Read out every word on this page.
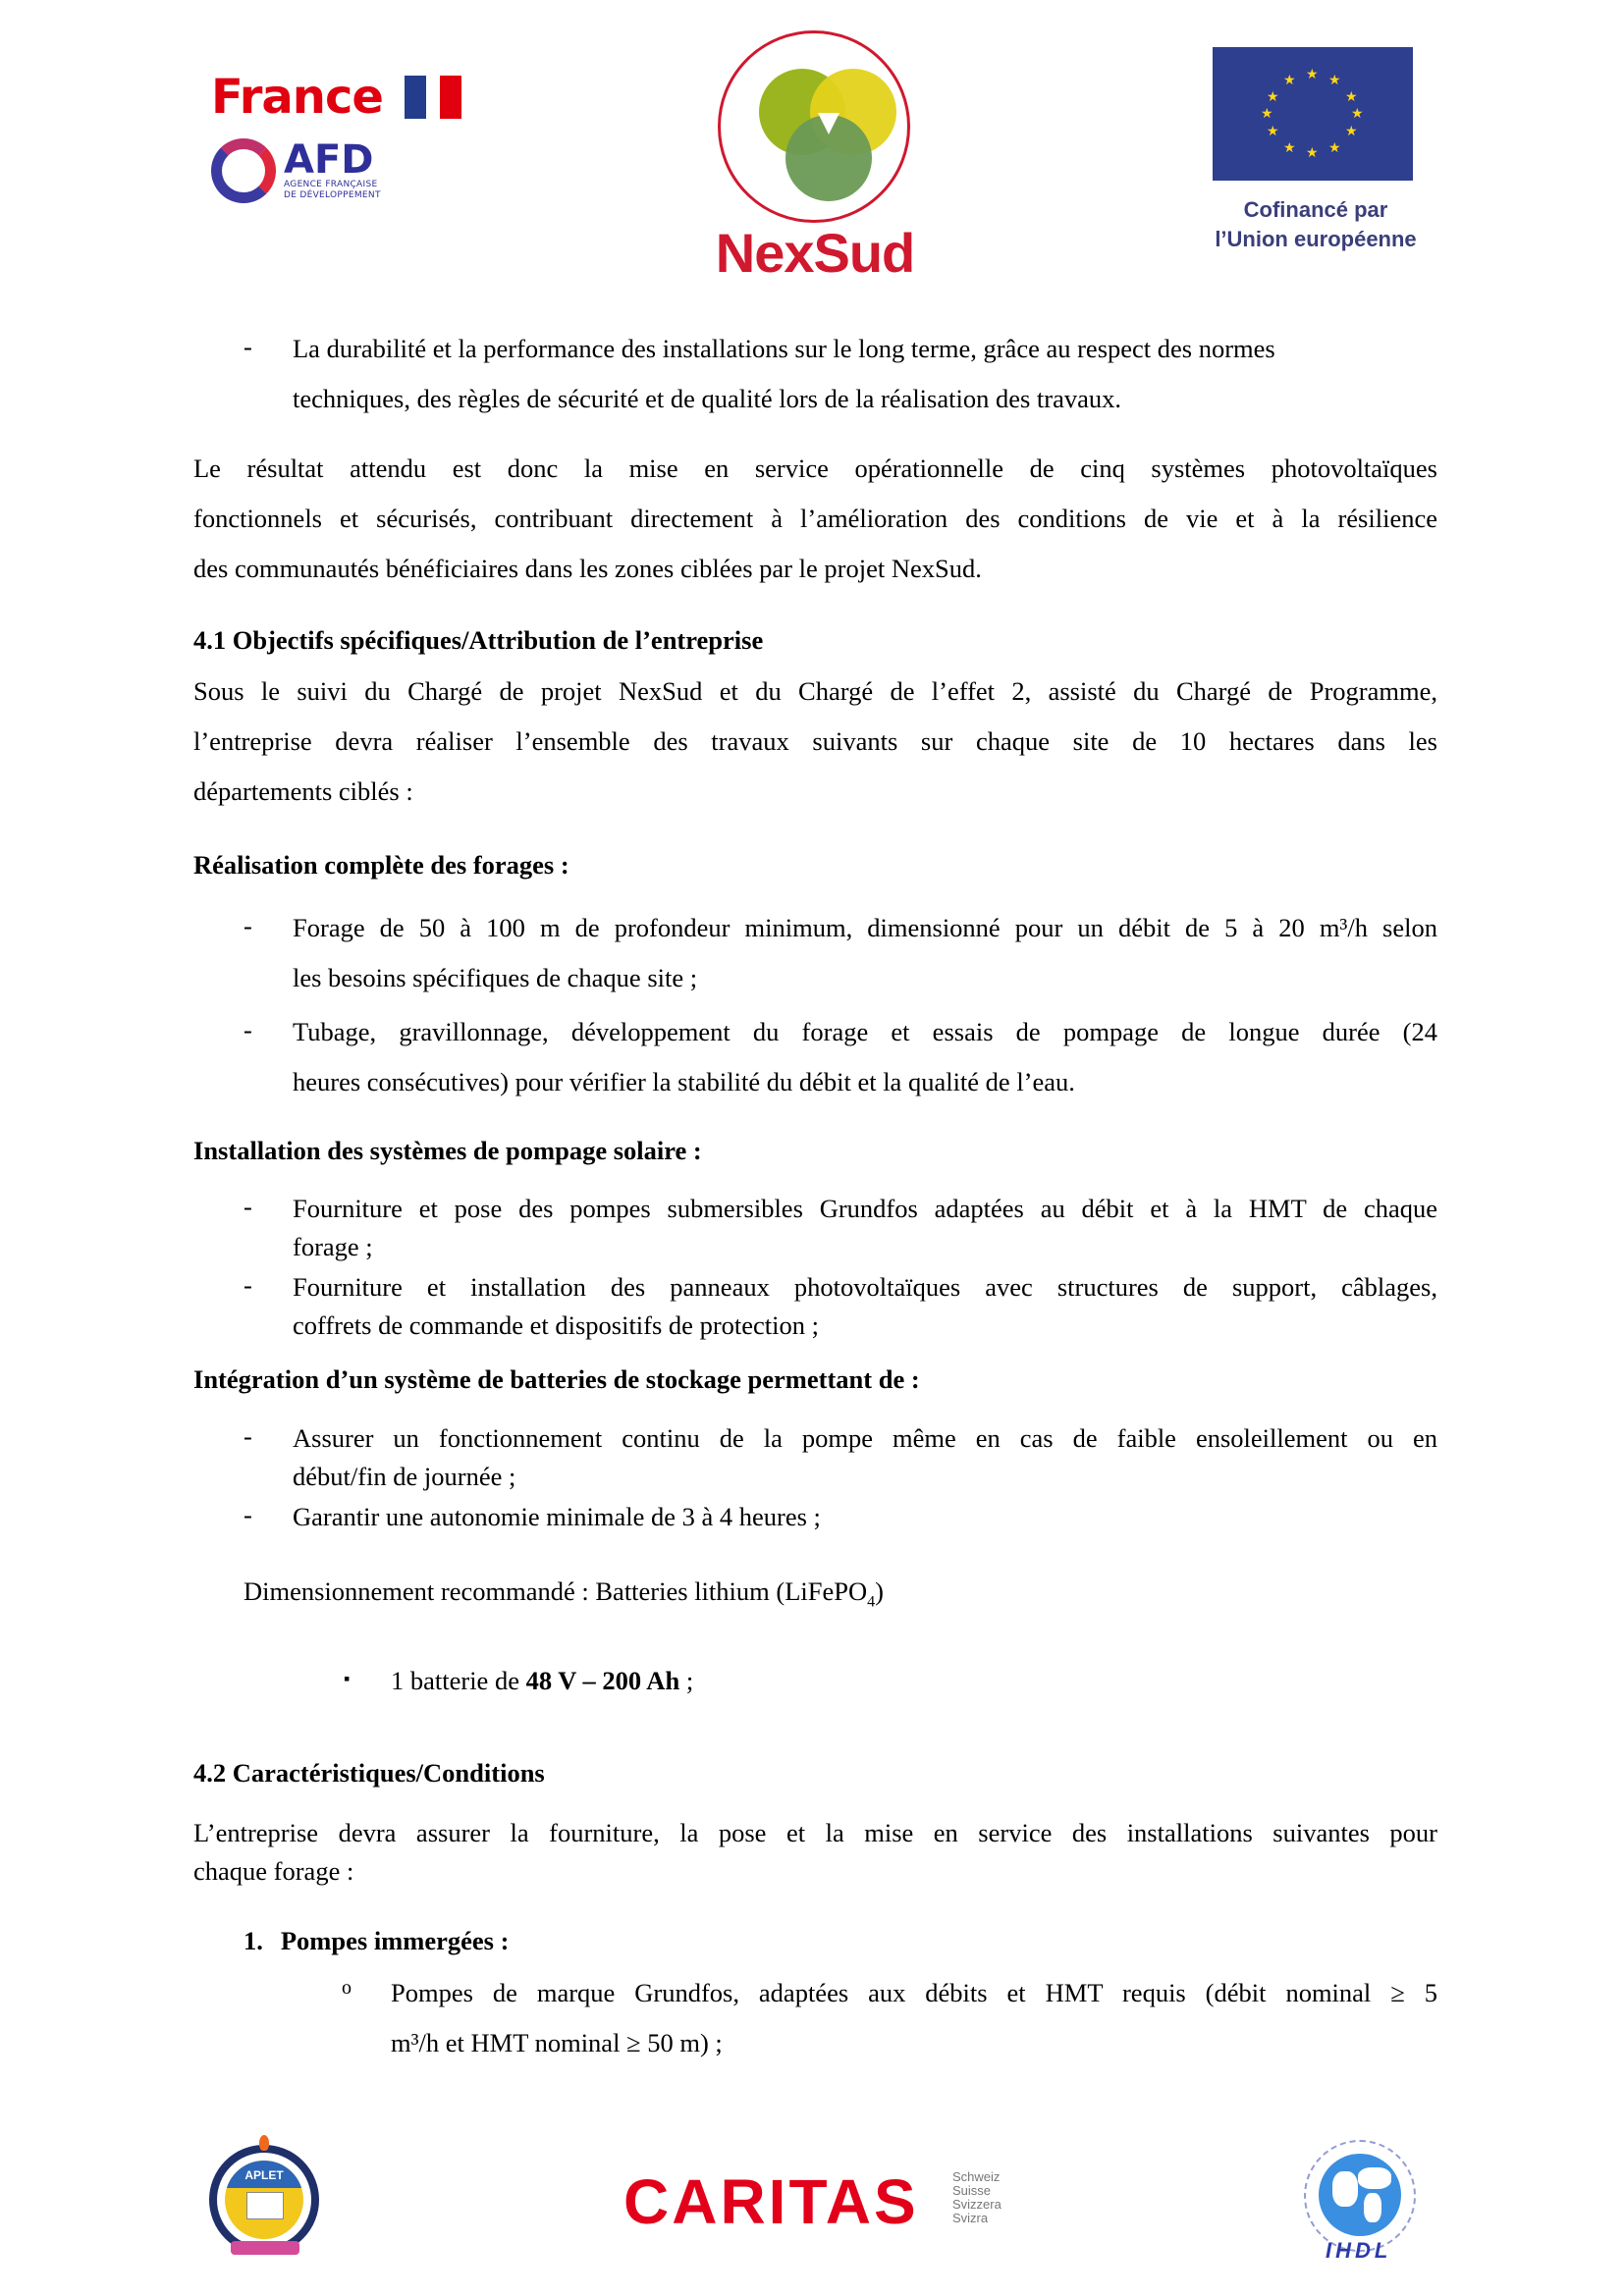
France
AFD
AGENCE FRANÇAISE
DE DÉVELOPPEMENT
NexSud
★ ★
★
★
★
★
★
★
★
★
★
★
Cofinancé par
l’Union européenne
- La durabilité et la performance des installations sur le long terme, grâce au respect des normes
techniques, des règles de sécurité et de qualité lors de la réalisation des travaux.
Le résultat attendu est donc la mise en service opérationnelle de cinq systèmes photovoltaïques
fonctionnels et sécurisés, contribuant directement à l’amélioration des conditions de vie et à la résilience
des communautés bénéficiaires dans les zones ciblées par le projet NexSud.
4.1 Objectifs spécifiques/Attribution de l’entreprise
Sous le suivi du Chargé de projet NexSud et du Chargé de l’effet 2, assisté du Chargé de Programme,
l’entreprise devra réaliser l’ensemble des travaux suivants sur chaque site de 10 hectares dans les
départements ciblés :
Réalisation complète des forages :
- Forage de 50 à 100 m de profondeur minimum, dimensionné pour un débit de 5 à 20 m³/h selon
les besoins spécifiques de chaque site ;
- Tubage, gravillonnage, développement du forage et essais de pompage de longue durée (24
heures consécutives) pour vérifier la stabilité du débit et la qualité de l’eau.
Installation des systèmes de pompage solaire :
- Fourniture et pose des pompes submersibles Grundfos adaptées au débit et à la HMT de chaque
forage ;
- Fourniture et installation des panneaux photovoltaïques avec structures de support, câblages,
coffrets de commande et dispositifs de protection ;
Intégration d’un système de batteries de stockage permettant de :
- Assurer un fonctionnement continu de la pompe même en cas de faible ensoleillement ou en
début/fin de journée ;
- Garantir une autonomie minimale de 3 à 4 heures ;
Dimensionnement recommandé : Batteries lithium (LiFePO$_4$)
▪ 1 batterie de 48 V – 200 Ah ;
4.2 Caractéristiques/Conditions
L’entreprise devra assurer la fourniture, la pose et la mise en service des installations suivantes pour
chaque forage :
1. Pompes immergées :
o Pompes de marque Grundfos, adaptées aux débits et HMT requis (débit nominal ≥ 5
m³/h et HMT nominal ≥ 50 m) ;
APLET	CARITAS	Schweiz
Suisse
Svizzera
Svizra
IHDL
